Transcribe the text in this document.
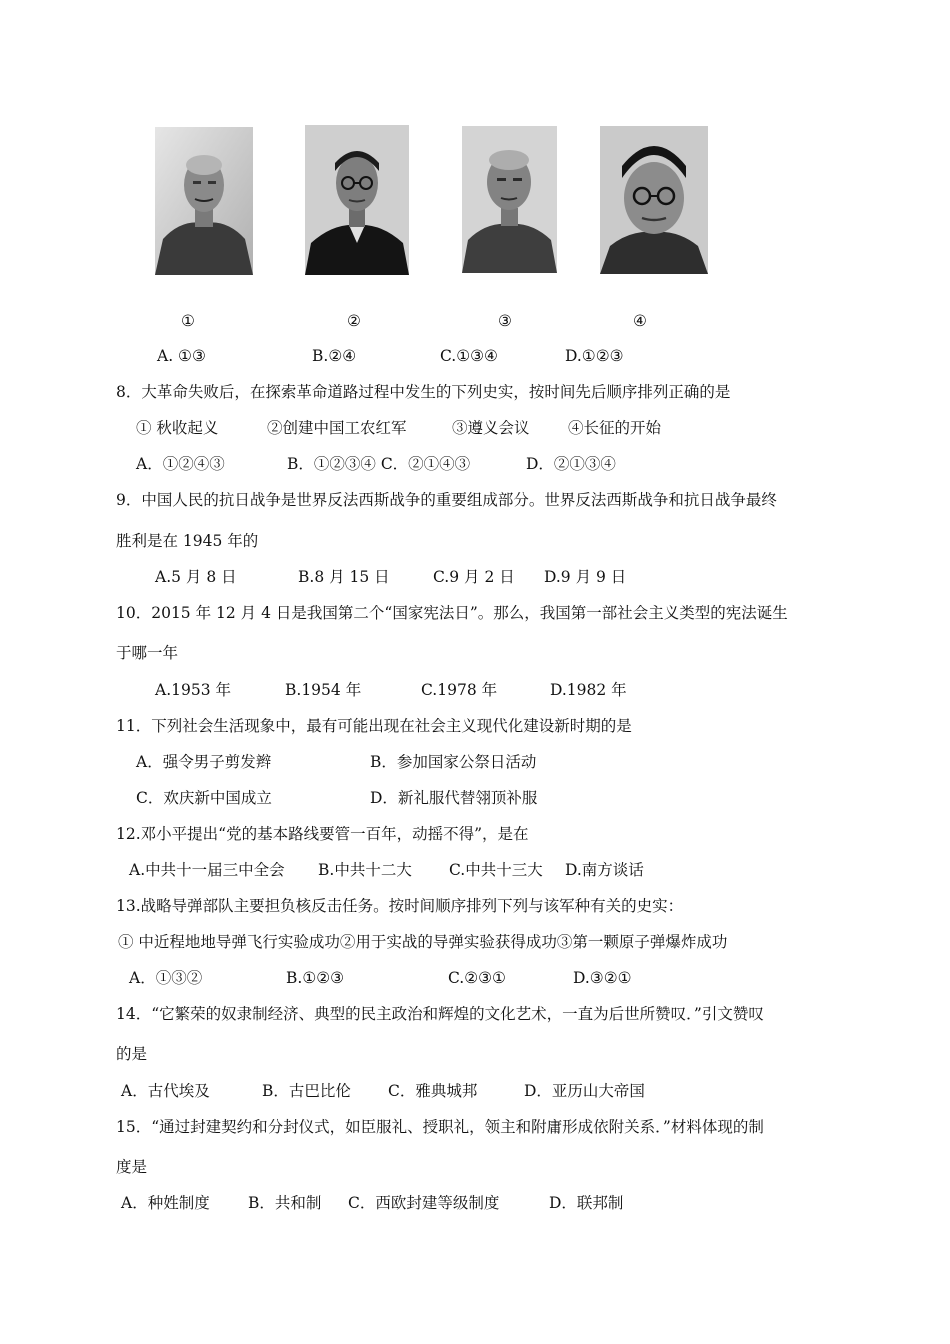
①	②	③	④
A. ①③	B.②④	C.①③④	D.①②③
8．大革命失败后，在探索革命道路过程中发生的下列史实，按时间先后顺序排列正确的是
① 秋收起义	②创建中国工农红军	③遵义会议 ④长征的开始
A．①②④③	B．①②③④ C．②①④③	D．②①③④
9．中国人民的抗日战争是世界反法西斯战争的重要组成部分。世界反法西斯战争和抗日战争最终
胜利是在 1945 年的
A.5 月 8 日	B.8 月 15 日	C.9 月 2 日 D.9 月 9 日
10．2015 年 12 月 4 日是我国第二个“国家宪法日”。那么，我国第一部社会主义类型的宪法诞生
于哪一年
A.1953 年	B.1954 年	C.1978 年	D.1982 年
11．下列社会生活现象中，最有可能出现在社会主义现代化建设新时期的是
A．强令男子剪发辫	B．参加国家公祭日活动
C．欢庆新中国成立	D．新礼服代替翎顶补服
12.邓小平提出“党的基本路线要管一百年，动摇不得”，是在
A.中共十一届三中全会 B.中共十二大 C.中共十三大 D.南方谈话
13.战略导弹部队主要担负核反击任务。按时间顺序排列下列与该军种有关的史实：
① 中近程地地导弹飞行实验成功②用于实战的导弹实验获得成功③第一颗原子弹爆炸成功
A．①③②	B.①②③	C.②③①	D.③②①
14．“它繁荣的奴隶制经济、典型的民主政治和辉煌的文化艺术，一直为后世所赞叹．”引文赞叹
的是
A．古代埃及	B．古巴比伦 C．雅典城邦	D．亚历山大帝国
15．“通过封建契约和分封仪式，如臣服礼、授职礼，领主和附庸形成依附关系．”材料体现的制
度是
A．种姓制度 B．共和制 C．西欧封建等级制度	D．联邦制
